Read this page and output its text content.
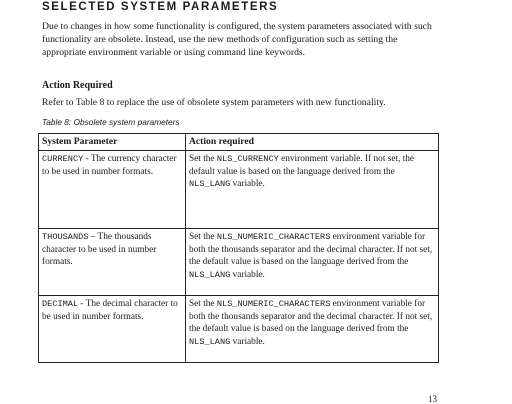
SELECTED SYSTEM PARAMETERS
Due to changes in how some functionality is configured, the system parameters associated with such functionality are obsolete. Instead, use the new methods of configuration such as setting the appropriate environment variable or using command line keywords.
Action Required
Refer to Table 8 to replace the use of obsolete system parameters with new functionality.
Table 8: Obsolete system parameters
System Parameter	Action required
CURRENCY - The currency character to be used in number formats.	Set the NLS_CURRENCY environment variable. If not set, the default value is based on the language derived from the NLS_LANG variable.
THOUSANDS – The thousands character to be used in number formats.	Set the NLS_NUMERIC_CHARACTERS environment variable for both the thousands separator and the decimal character. If not set, the default value is based on the language derived from the NLS_LANG variable.
DECIMAL - The decimal character to be used in number formats.	Set the NLS_NUMERIC_CHARACTERS environment variable for both the thousands separator and the decimal character. If not set, the default value is based on the language derived from the NLS_LANG variable.
13
